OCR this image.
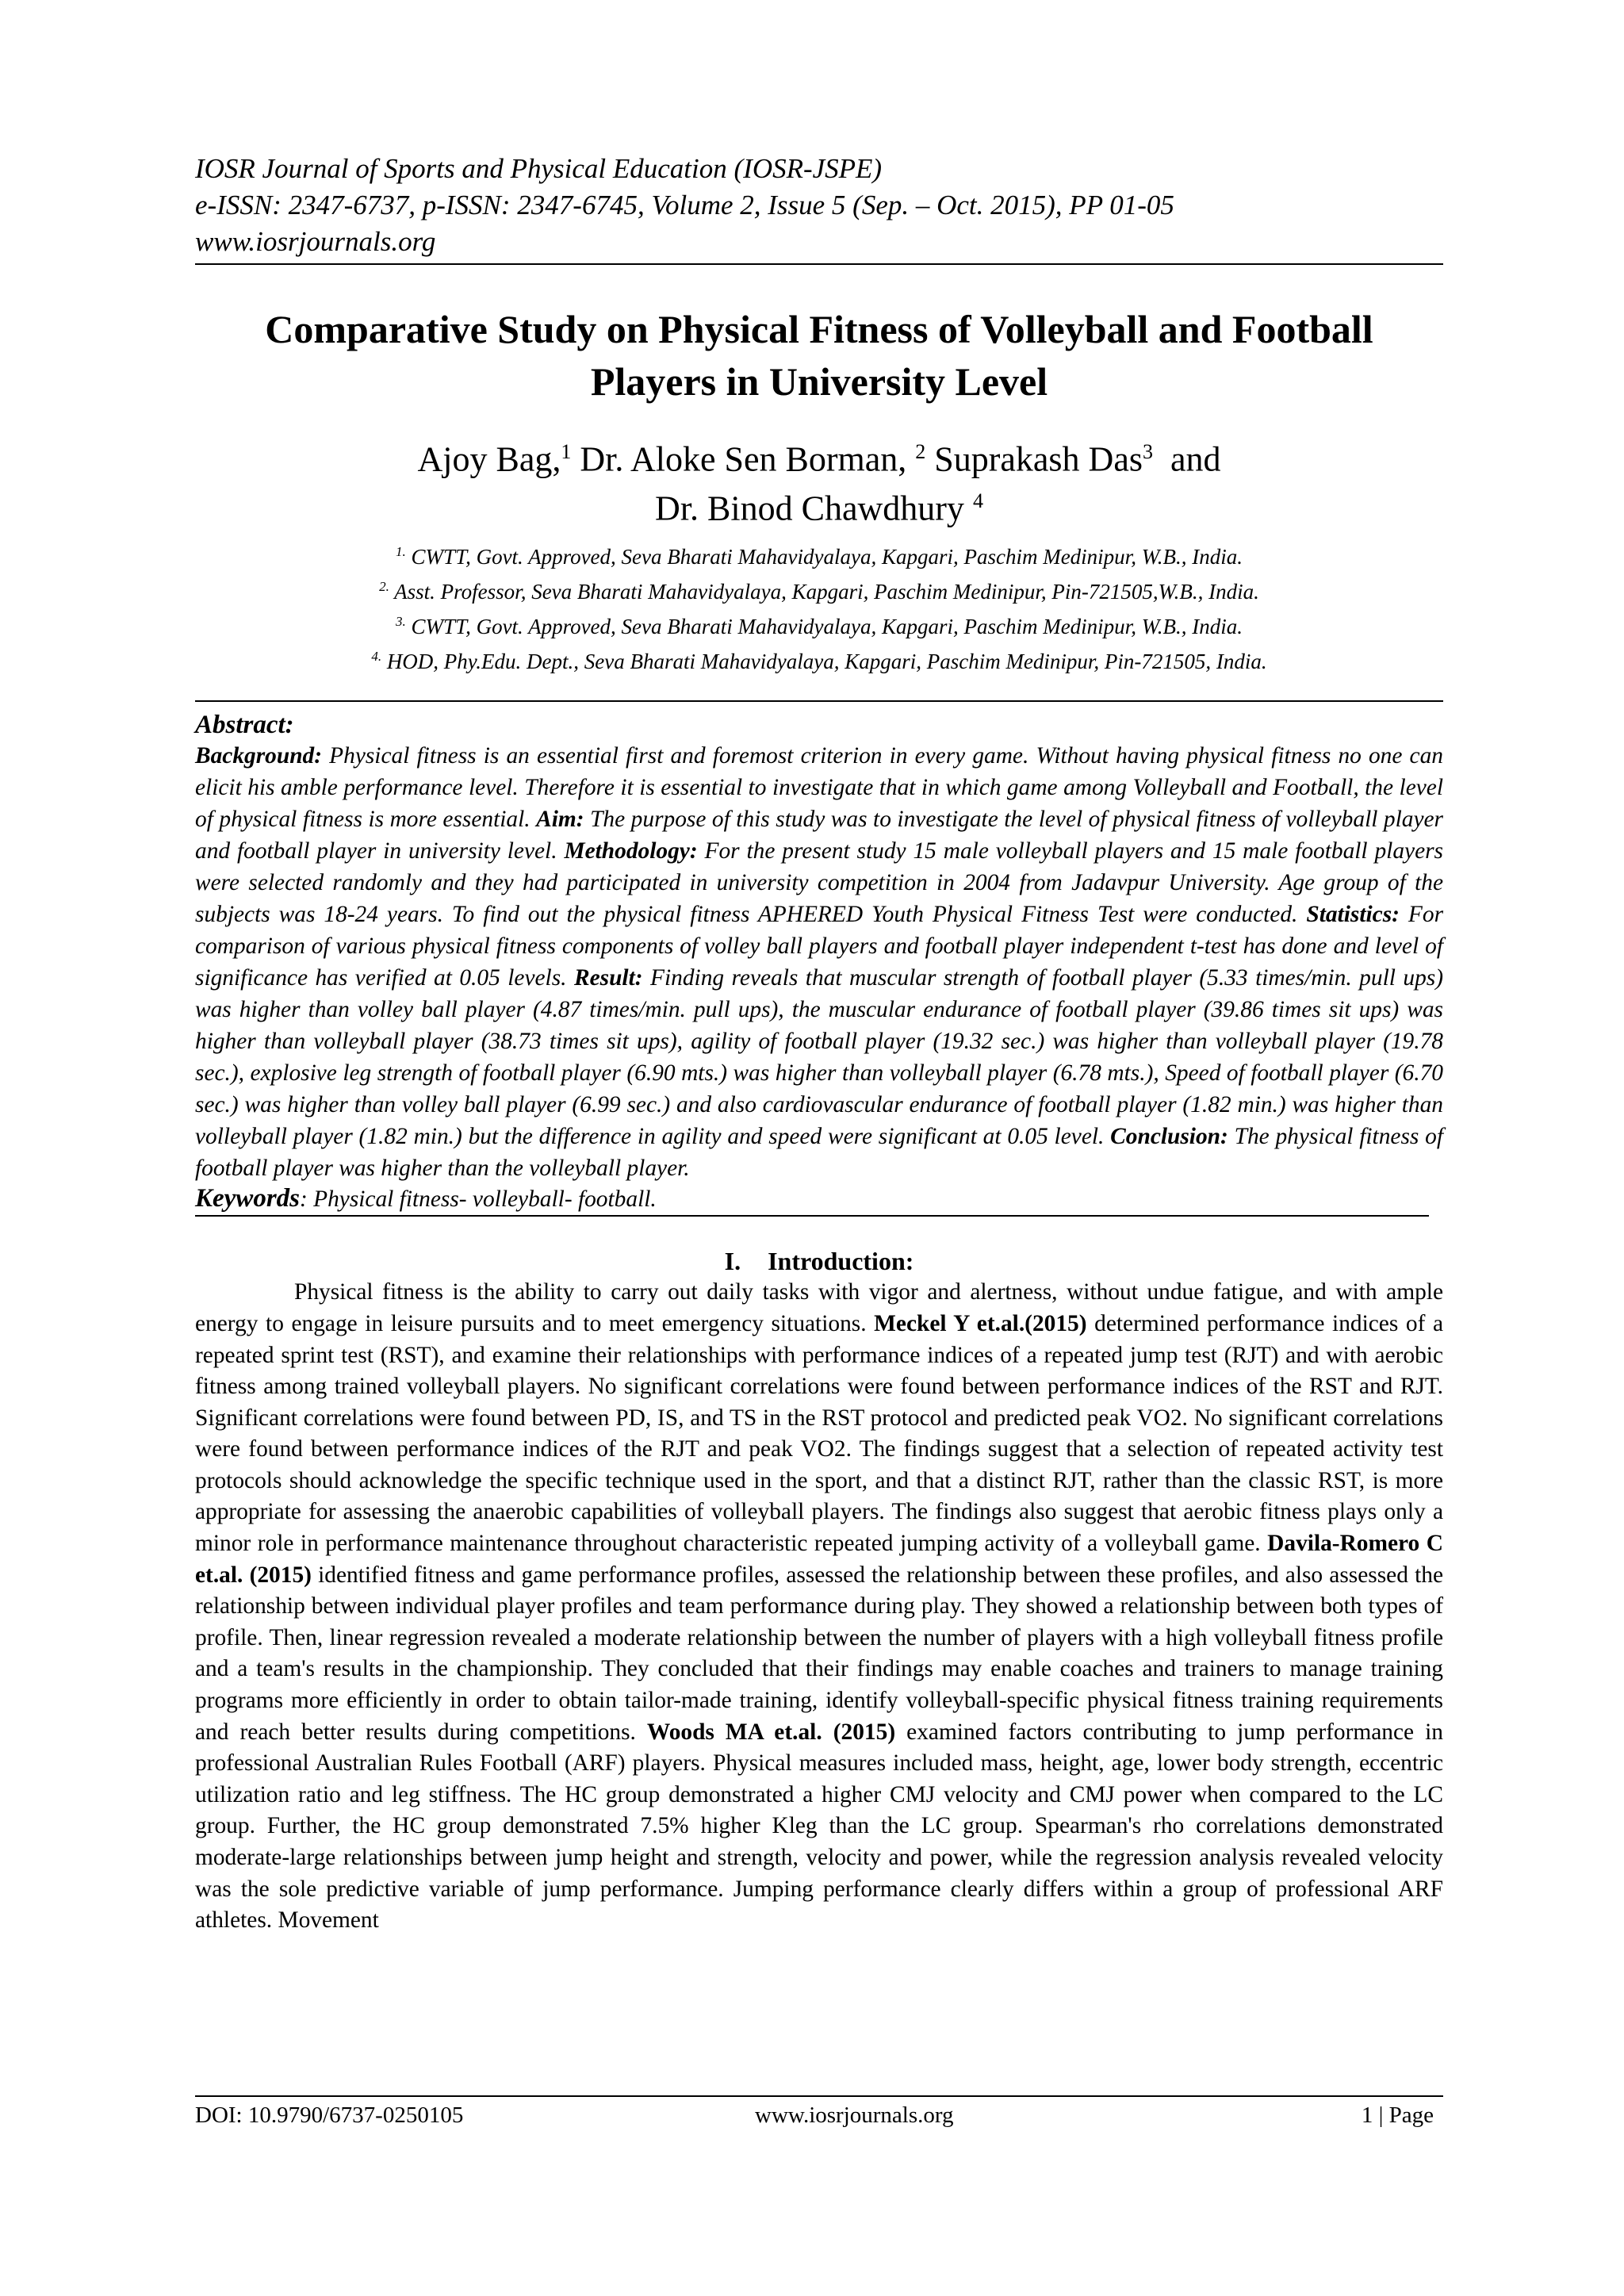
IOSR Journal of Sports and Physical Education (IOSR-JSPE)
e-ISSN: 2347-6737, p-ISSN: 2347-6745, Volume 2, Issue 5 (Sep. – Oct. 2015), PP 01-05
www.iosrjournals.org
Comparative Study on Physical Fitness of Volleyball and Football
Players in University Level
Ajoy Bag,$^1$ Dr. Aloke Sen Borman, $^2$ Suprakash Das$^3$ and
Dr. Binod Chawdhury $^4$
$^{1.}$ CWTT, Govt. Approved, Seva Bharati Mahavidyalaya, Kapgari, Paschim Medinipur, W.B., India.
$^{2.}$ Asst. Professor, Seva Bharati Mahavidyalaya, Kapgari, Paschim Medinipur, Pin-721505,W.B., India.
$^{3.}$ CWTT, Govt. Approved, Seva Bharati Mahavidyalaya, Kapgari, Paschim Medinipur, W.B., India.
$^{4.}$ HOD, Phy.Edu. Dept., Seva Bharati Mahavidyalaya, Kapgari, Paschim Medinipur, Pin-721505, India.
Abstract:
Background: Physical fitness is an essential first and foremost criterion in every game. Without having physical fitness no one can elicit his amble performance level. Therefore it is essential to investigate that in which game among Volleyball and Football, the level of physical fitness is more essential. Aim: The purpose of this study was to investigate the level of physical fitness of volleyball player and football player in university level. Methodology: For the present study 15 male volleyball players and 15 male football players were selected randomly and they had participated in university competition in 2004 from Jadavpur University. Age group of the subjects was 18-24 years. To find out the physical fitness APHERED Youth Physical Fitness Test were conducted. Statistics: For comparison of various physical fitness components of volley ball players and football player independent t-test has done and level of significance has verified at 0.05 levels. Result: Finding reveals that muscular strength of football player (5.33 times/min. pull ups) was higher than volley ball player (4.87 times/min. pull ups), the muscular endurance of football player (39.86 times sit ups) was higher than volleyball player (38.73 times sit ups), agility of football player (19.32 sec.) was higher than volleyball player (19.78 sec.), explosive leg strength of football player (6.90 mts.) was higher than volleyball player (6.78 mts.), Speed of football player (6.70 sec.) was higher than volley ball player (6.99 sec.) and also cardiovascular endurance of football player (1.82 min.) was higher than volleyball player (1.82 min.) but the difference in agility and speed were significant at 0.05 level. Conclusion: The physical fitness of football player was higher than the volleyball player.
Keywords: Physical fitness- volleyball- football.
I. Introduction:

Physical fitness is the ability to carry out daily tasks with vigor and alertness, without undue fatigue, and with ample energy to engage in leisure pursuits and to meet emergency situations. Meckel Y et.al.(2015) determined performance indices of a repeated sprint test (RST), and examine their relationships with performance indices of a repeated jump test (RJT) and with aerobic fitness among trained volleyball players. No significant correlations were found between performance indices of the RST and RJT. Significant correlations were found between PD, IS, and TS in the RST protocol and predicted peak VO2. No significant correlations were found between performance indices of the RJT and peak VO2. The findings suggest that a selection of repeated activity test protocols should acknowledge the specific technique used in the sport, and that a distinct RJT, rather than the classic RST, is more appropriate for assessing the anaerobic capabilities of volleyball players. The findings also suggest that aerobic fitness plays only a minor role in performance maintenance throughout characteristic repeated jumping activity of a volleyball game. Davila-Romero C et.al. (2015) identified fitness and game performance profiles, assessed the relationship between these profiles, and also assessed the relationship between individual player profiles and team performance during play. They showed a relationship between both types of profile. Then, linear regression revealed a moderate relationship between the number of players with a high volleyball fitness profile and a team's results in the championship. They concluded that their findings may enable coaches and trainers to manage training programs more efficiently in order to obtain tailor-made training, identify volleyball-specific physical fitness training requirements and reach better results during competitions. Woods MA et.al. (2015) examined factors contributing to jump performance in professional Australian Rules Football (ARF) players. Physical measures included mass, height, age, lower body strength, eccentric utilization ratio and leg stiffness. The HC group demonstrated a higher CMJ velocity and CMJ power when compared to the LC group. Further, the HC group demonstrated 7.5% higher Kleg than the LC group. Spearman's rho correlations demonstrated moderate-large relationships between jump height and strength, velocity and power, while the regression analysis revealed velocity was the sole predictive variable of jump performance. Jumping performance clearly differs within a group of professional ARF athletes. Movement

DOI: 10.9790/6737-0250105	www.iosrjournals.org	1 | Page
